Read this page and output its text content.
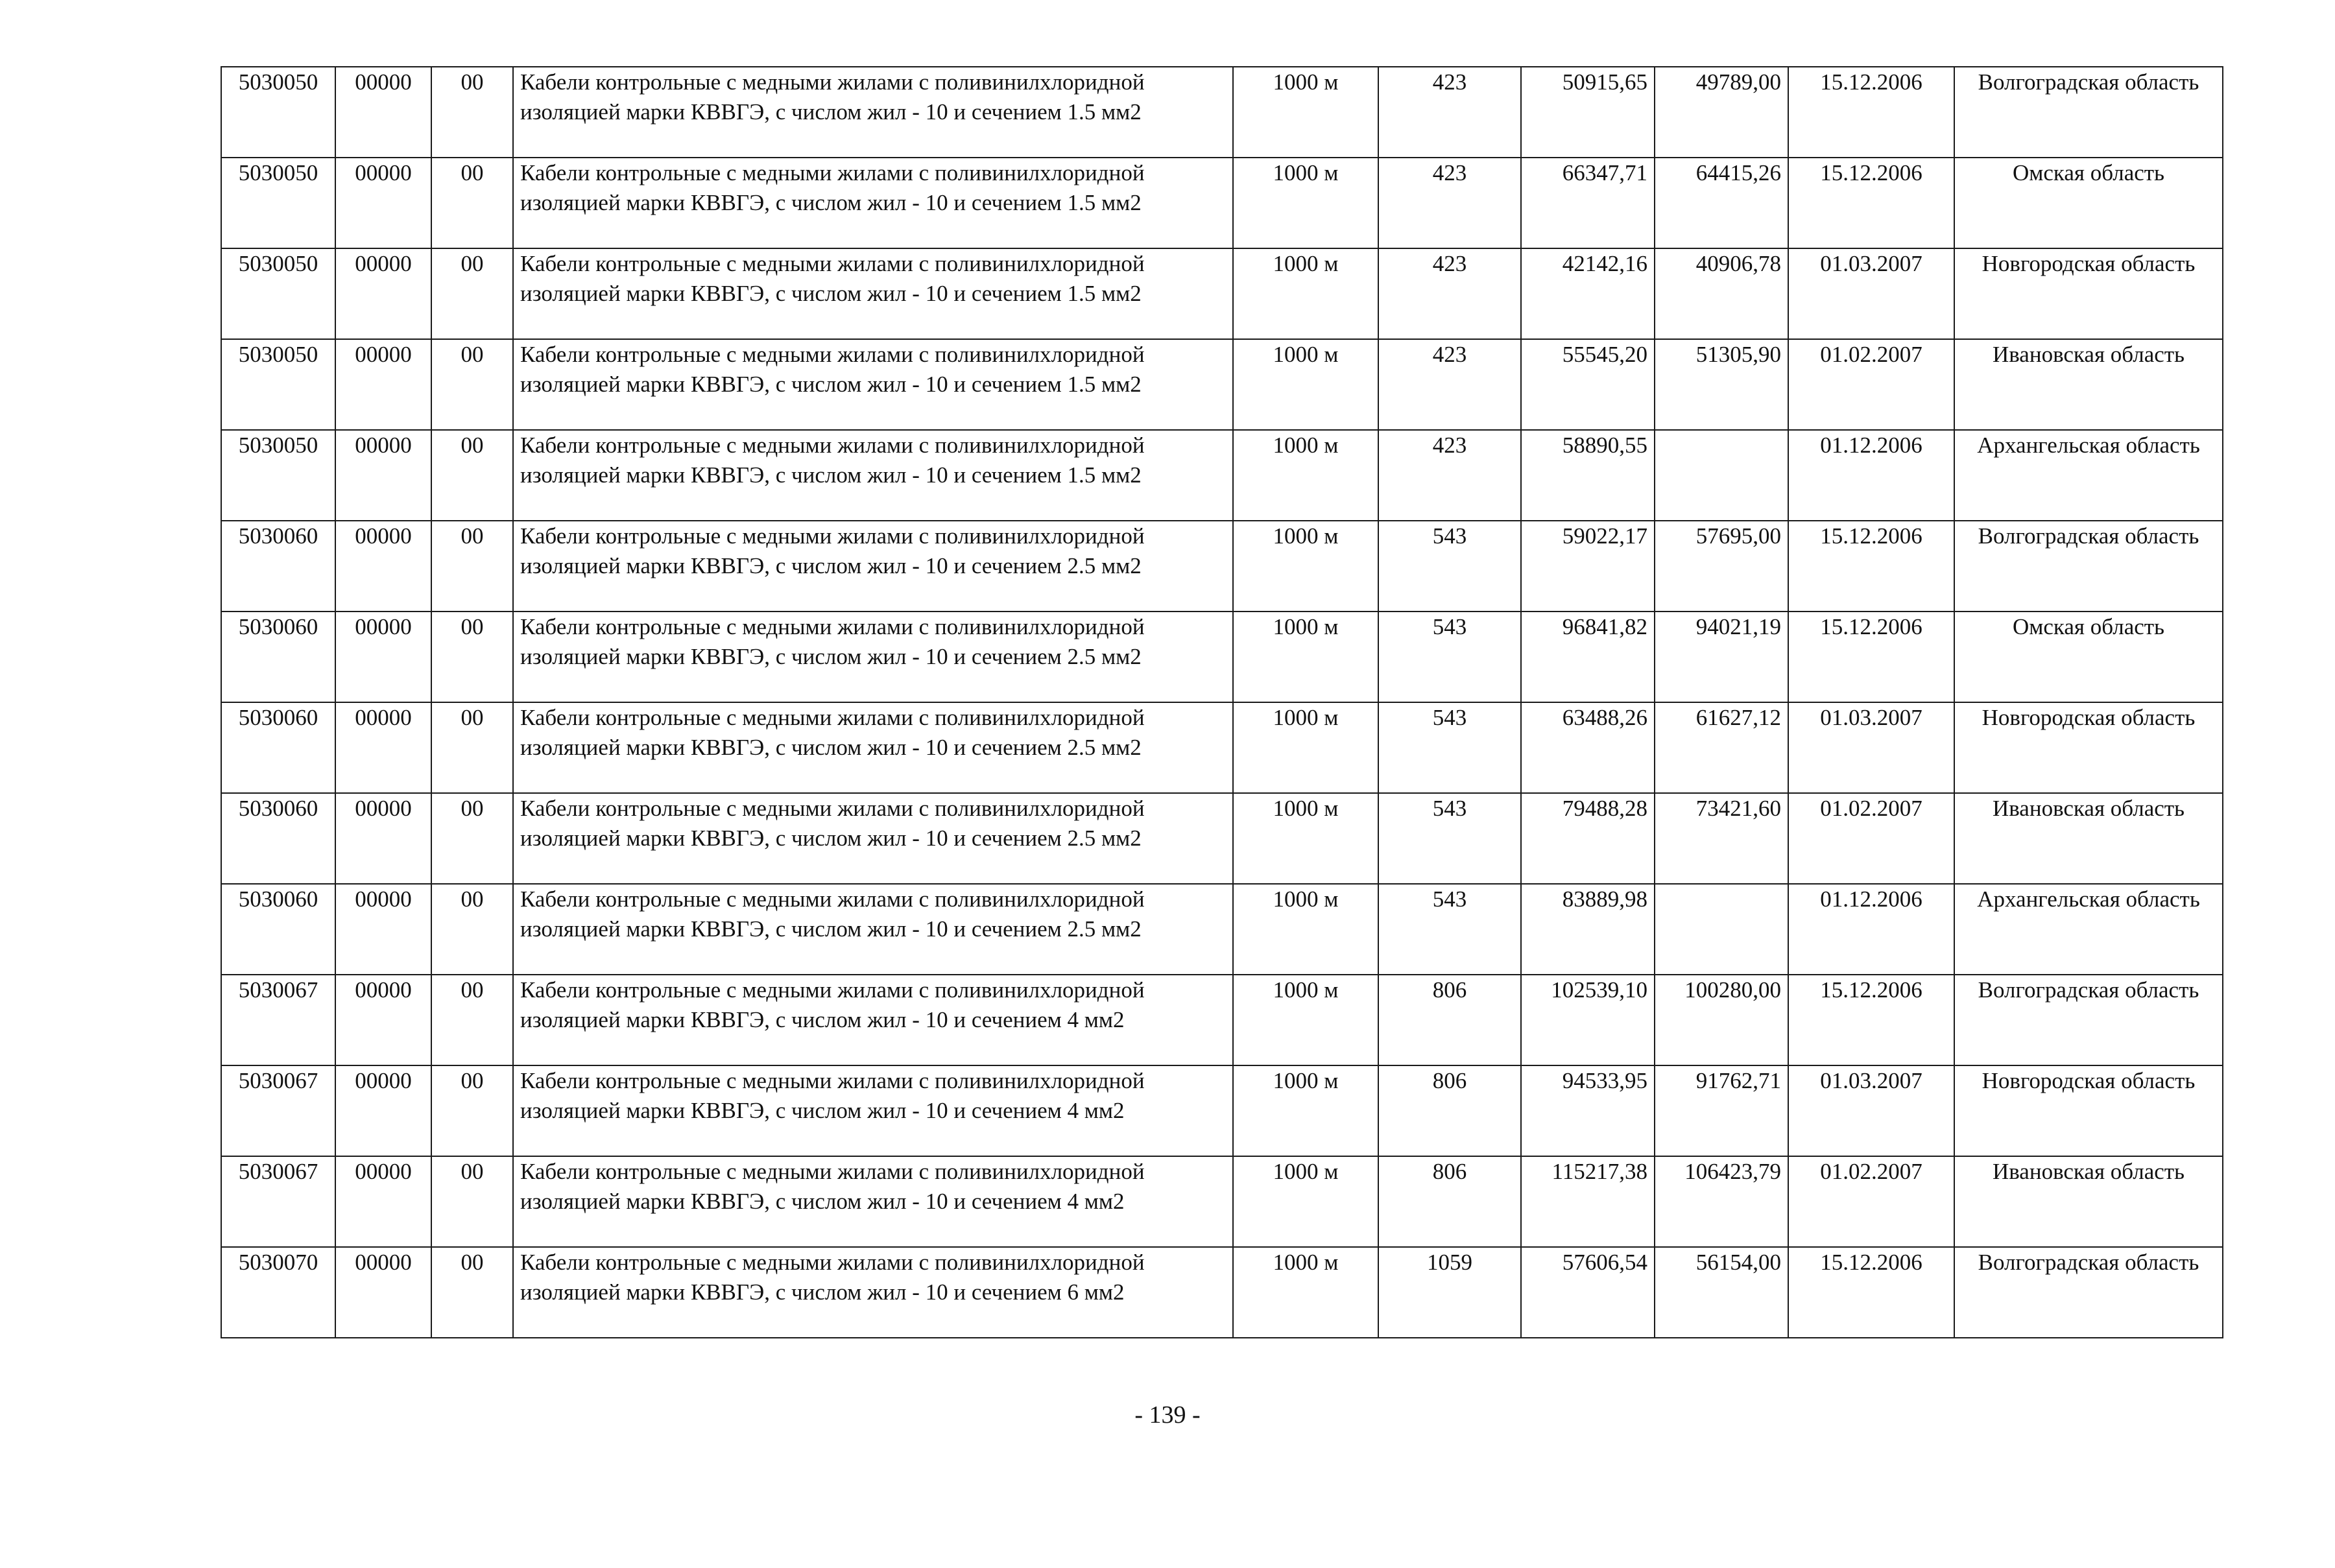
5030050	00000	00	Кабели контрольные с медными жилами с поливинилхлоридной изоляцией марки КВВГЭ, с числом жил - 10 и сечением 1.5 мм2	1000 м	423	50915,65	49789,00	15.12.2006	Волгоградская область
5030050	00000	00	Кабели контрольные с медными жилами с поливинилхлоридной изоляцией марки КВВГЭ, с числом жил - 10 и сечением 1.5 мм2	1000 м	423	66347,71	64415,26	15.12.2006	Омская область
5030050	00000	00	Кабели контрольные с медными жилами с поливинилхлоридной изоляцией марки КВВГЭ, с числом жил - 10 и сечением 1.5 мм2	1000 м	423	42142,16	40906,78	01.03.2007	Новгородская область
5030050	00000	00	Кабели контрольные с медными жилами с поливинилхлоридной изоляцией марки КВВГЭ, с числом жил - 10 и сечением 1.5 мм2	1000 м	423	55545,20	51305,90	01.02.2007	Ивановская область
5030050	00000	00	Кабели контрольные с медными жилами с поливинилхлоридной изоляцией марки КВВГЭ, с числом жил - 10 и сечением 1.5 мм2	1000 м	423	58890,55		01.12.2006	Архангельская область
5030060	00000	00	Кабели контрольные с медными жилами с поливинилхлоридной изоляцией марки КВВГЭ, с числом жил - 10 и сечением 2.5 мм2	1000 м	543	59022,17	57695,00	15.12.2006	Волгоградская область
5030060	00000	00	Кабели контрольные с медными жилами с поливинилхлоридной изоляцией марки КВВГЭ, с числом жил - 10 и сечением 2.5 мм2	1000 м	543	96841,82	94021,19	15.12.2006	Омская область
5030060	00000	00	Кабели контрольные с медными жилами с поливинилхлоридной изоляцией марки КВВГЭ, с числом жил - 10 и сечением 2.5 мм2	1000 м	543	63488,26	61627,12	01.03.2007	Новгородская область
5030060	00000	00	Кабели контрольные с медными жилами с поливинилхлоридной изоляцией марки КВВГЭ, с числом жил - 10 и сечением 2.5 мм2	1000 м	543	79488,28	73421,60	01.02.2007	Ивановская область
5030060	00000	00	Кабели контрольные с медными жилами с поливинилхлоридной изоляцией марки КВВГЭ, с числом жил - 10 и сечением 2.5 мм2	1000 м	543	83889,98		01.12.2006	Архангельская область
5030067	00000	00	Кабели контрольные с медными жилами с поливинилхлоридной изоляцией марки КВВГЭ, с числом жил - 10 и сечением 4 мм2	1000 м	806	102539,10	100280,00	15.12.2006	Волгоградская область
5030067	00000	00	Кабели контрольные с медными жилами с поливинилхлоридной изоляцией марки КВВГЭ, с числом жил - 10 и сечением 4 мм2	1000 м	806	94533,95	91762,71	01.03.2007	Новгородская область
5030067	00000	00	Кабели контрольные с медными жилами с поливинилхлоридной изоляцией марки КВВГЭ, с числом жил - 10 и сечением 4 мм2	1000 м	806	115217,38	106423,79	01.02.2007	Ивановская область
5030070	00000	00	Кабели контрольные с медными жилами с поливинилхлоридной изоляцией марки КВВГЭ, с числом жил - 10 и сечением 6 мм2	1000 м	1059	57606,54	56154,00	15.12.2006	Волгоградская область
- 139 -
